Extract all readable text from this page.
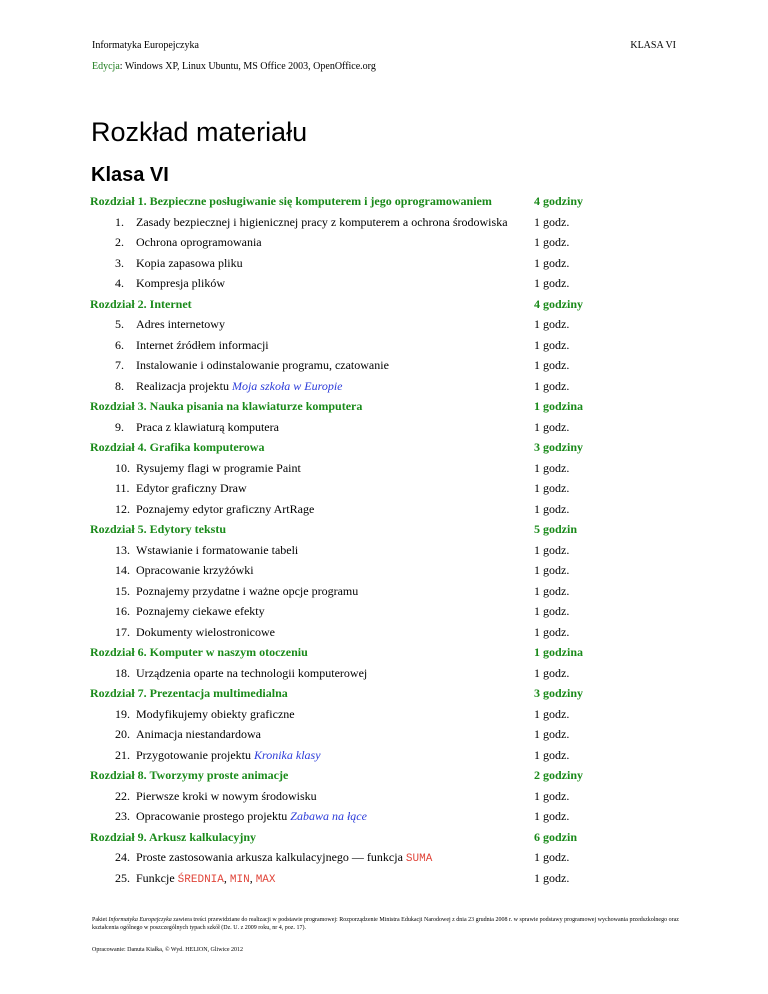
Informatyka Europejczyka	KLASA VI
Edycja: Windows XP, Linux Ubuntu, MS Office 2003, OpenOffice.org
Rozkład materiału
Klasa VI
Rozdział 1. Bezpieczne posługiwanie się komputerem i jego oprogramowaniem	4 godziny
1. Zasady bezpiecznej i higienicznej pracy z komputerem a ochrona środowiska 1 godz.
2. Ochrona oprogramowania	1 godz.
3. Kopia zapasowa pliku	1 godz.
4. Kompresja plików	1 godz.
Rozdział 2. Internet	4 godziny
5. Adres internetowy	1 godz.
6. Internet źródłem informacji	1 godz.
7. Instalowanie i odinstalowanie programu, czatowanie	1 godz.
8. Realizacja projektu Moja szkoła w Europie	1 godz.
Rozdział 3. Nauka pisania na klawiaturze komputera	1 godzina
9. Praca z klawiaturą komputera	1 godz.
Rozdział 4. Grafika komputerowa	3 godziny
10. Rysujemy flagi w programie Paint	1 godz.
11. Edytor graficzny Draw	1 godz.
12. Poznajemy edytor graficzny ArtRage	1 godz.
Rozdział 5. Edytory tekstu	5 godzin
13. Wstawianie i formatowanie tabeli	1 godz.
14. Opracowanie krzyżówki	1 godz.
15. Poznajemy przydatne i ważne opcje programu	1 godz.
16. Poznajemy ciekawe efekty	1 godz.
17. Dokumenty wielostronicowe	1 godz.
Rozdział 6. Komputer w naszym otoczeniu	1 godzina
18. Urządzenia oparte na technologii komputerowej	1 godz.
Rozdział 7. Prezentacja multimedialna	3 godziny
19. Modyfikujemy obiekty graficzne	1 godz.
20. Animacja niestandardowa	1 godz.
21. Przygotowanie projektu Kronika klasy	1 godz.
Rozdział 8. Tworzymy proste animacje	2 godziny
22. Pierwsze kroki w nowym środowisku	1 godz.
23. Opracowanie prostego projektu Zabawa na łące	1 godz.
Rozdział 9. Arkusz kalkulacyjny	6 godzin
24. Proste zastosowania arkusza kalkulacyjnego — funkcja SUMA	1 godz.
25. Funkcje ŚREDNIA, MIN, MAX	1 godz.
Pakiet Informatyka Europejczyka zawiera treści przewidziane do realizacji w podstawie programowej: Rozporządzenie Ministra Edukacji Narodowej z dnia 23 grudnia 2008 r. w sprawie podstawy programowej wychowania przedszkolnego oraz kształcenia ogólnego w poszczególnych typach szkół (Dz. U. z 2009 roku, nr 4, poz. 17).
Opracowanie: Danuta Kiałka, © Wyd. HELION, Gliwice 2012
